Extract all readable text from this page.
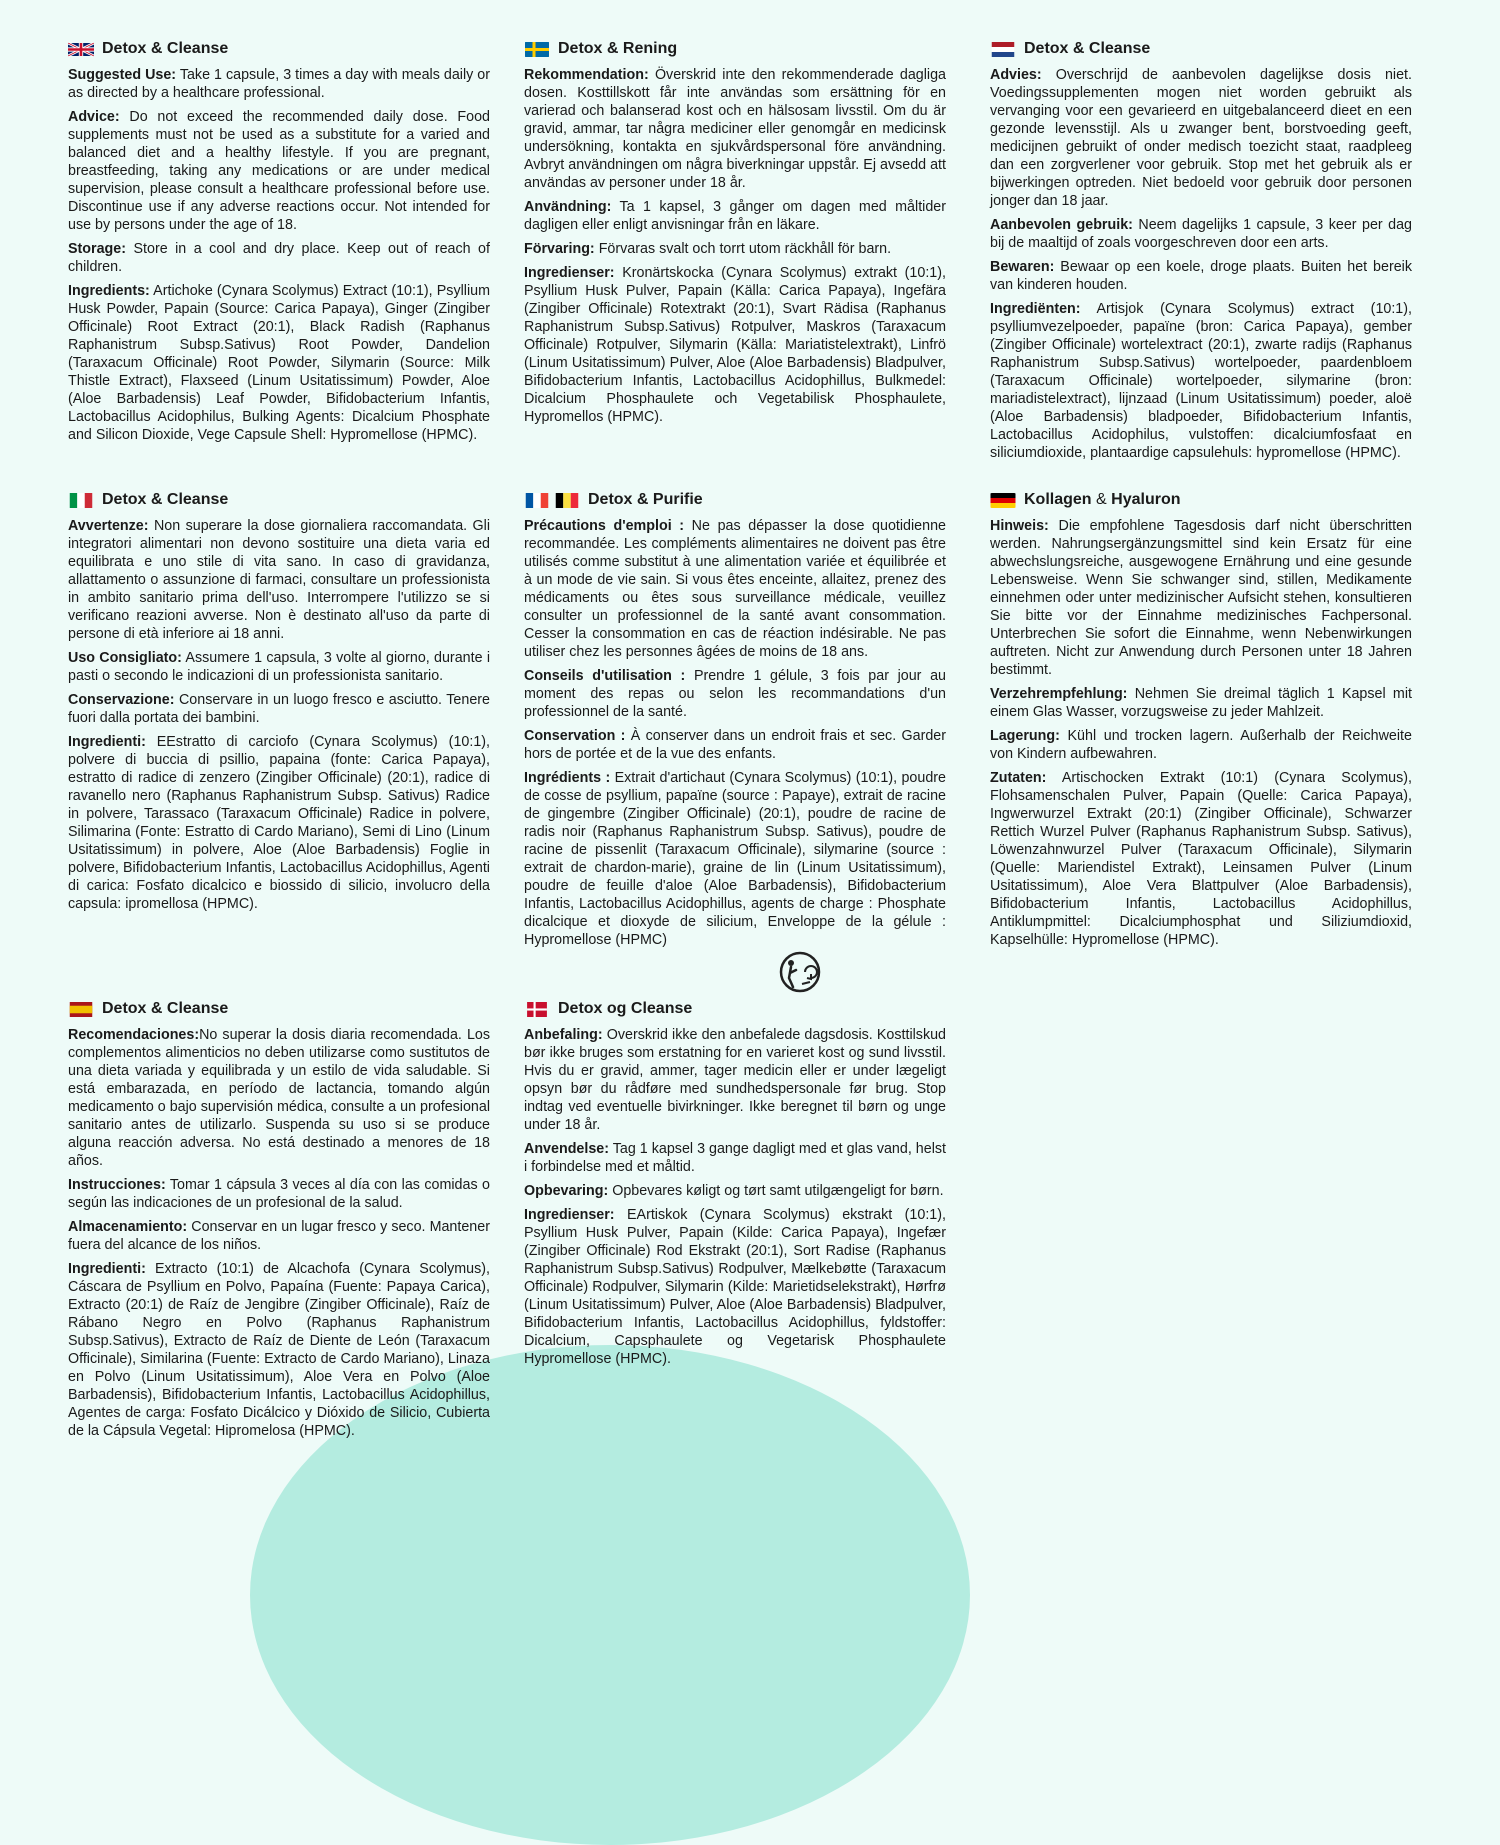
Detox & Cleanse

Suggested Use: Take 1 capsule, 3 times a day with meals daily or as directed by a healthcare professional.

Advice: Do not exceed the recommended daily dose. Food supplements must not be used as a substitute for a varied and balanced diet and a healthy lifestyle. If you are pregnant, breastfeeding, taking any medications or are under medical supervision, please consult a healthcare professional before use. Discontinue use if any adverse reactions occur. Not intended for use by persons under the age of 18.

Storage: Store in a cool and dry place. Keep out of reach of children.

Ingredients: Artichoke (Cynara Scolymus) Extract (10:1), Psyllium Husk Powder, Papain (Source: Carica Papaya), Ginger (Zingiber Officinale) Root Extract (20:1), Black Radish (Raphanus Raphanistrum Subsp.Sativus) Root Powder, Dandelion (Taraxacum Officinale) Root Powder, Silymarin (Source: Milk Thistle Extract), Flaxseed (Linum Usitatissimum) Powder, Aloe (Aloe Barbadensis) Leaf Powder, Bifidobacterium Infantis, Lactobacillus Acidophilus, Bulking Agents: Dicalcium Phosphate and Silicon Dioxide, Vege Capsule Shell: Hypromellose (HPMC).

Detox & Rening

Rekommendation: Överskrid inte den rekommenderade dagliga dosen. Kosttillskott får inte användas som ersättning för en varierad och balanserad kost och en hälsosam livsstil. Om du är gravid, ammar, tar några mediciner eller genomgår en medicinsk undersökning, kontakta en sjukvårdspersonal före användning. Avbryt användningen om några biverkningar uppstår. Ej avsedd att användas av personer under 18 år.

Användning: Ta 1 kapsel, 3 gånger om dagen med måltider dagligen eller enligt anvisningar från en läkare.

Förvaring: Förvaras svalt och torrt utom räckhåll för barn.

Ingredienser: Kronärtskocka (Cynara Scolymus) extrakt (10:1), Psyllium Husk Pulver, Papain (Källa: Carica Papaya), Ingefära (Zingiber Officinale) Rotextrakt (20:1), Svart Rädisa (Raphanus Raphanistrum Subsp.Sativus) Rotpulver, Maskros (Taraxacum Officinale) Rotpulver, Silymarin (Källa: Mariatistelextrakt), Linfrö (Linum Usitatissimum) Pulver, Aloe (Aloe Barbadensis) Bladpulver, Bifidobacterium Infantis, Lactobacillus Acidophillus, Bulkmedel: Dicalcium Phosphaulete och Vegetabilisk Phosphaulete, Hypromellos (HPMC).

Detox & Cleanse

Advies: Overschrijd de aanbevolen dagelijkse dosis niet. Voedingssupplementen mogen niet worden gebruikt als vervanging voor een gevarieerd en uitgebalanceerd dieet en een gezonde levensstijl. Als u zwanger bent, borstvoeding geeft, medicijnen gebruikt of onder medisch toezicht staat, raadpleeg dan een zorgverlener voor gebruik. Stop met het gebruik als er bijwerkingen optreden. Niet bedoeld voor gebruik door personen jonger dan 18 jaar.

Aanbevolen gebruik: Neem dagelijks 1 capsule, 3 keer per dag bij de maaltijd of zoals voorgeschreven door een arts.

Bewaren: Bewaar op een koele, droge plaats. Buiten het bereik van kinderen houden.

Ingrediënten: Artisjok (Cynara Scolymus) extract (10:1), psylliumvezelpoeder, papaïne (bron: Carica Papaya), gember (Zingiber Officinale) wortelextract (20:1), zwarte radijs (Raphanus Raphanistrum Subsp.Sativus) wortelpoeder, paardenbloem (Taraxacum Officinale) wortelpoeder, silymarine (bron: mariadistelextract), lijnzaad (Linum Usitatissimum) poeder, aloë (Aloe Barbadensis) bladpoeder, Bifidobacterium Infantis, Lactobacillus Acidophilus, vulstoffen: dicalciumfosfaat en siliciumdioxide, plantaardige capsulehuls: hypromellose (HPMC).

Detox & Cleanse

Avvertenze: Non superare la dose giornaliera raccomandata. Gli integratori alimentari non devono sostituire una dieta varia ed equilibrata e uno stile di vita sano. In caso di gravidanza, allattamento o assunzione di farmaci, consultare un professionista in ambito sanitario prima dell'uso. Interrompere l'utilizzo se si verificano reazioni avverse. Non è destinato all'uso da parte di persone di età inferiore ai 18 anni.

Uso Consigliato: Assumere 1 capsula, 3 volte al giorno, durante i pasti o secondo le indicazioni di un professionista sanitario.

Conservazione: Conservare in un luogo fresco e asciutto. Tenere fuori dalla portata dei bambini.

Ingredienti: EEstratto di carciofo (Cynara Scolymus) (10:1), polvere di buccia di psillio, papaina (fonte: Carica Papaya), estratto di radice di zenzero (Zingiber Officinale) (20:1), radice di ravanello nero (Raphanus Raphanistrum Subsp. Sativus) Radice in polvere, Tarassaco (Taraxacum Officinale) Radice in polvere, Silimarina (Fonte: Estratto di Cardo Mariano), Semi di Lino (Linum Usitatissimum) in polvere, Aloe (Aloe Barbadensis) Foglie in polvere, Bifidobacterium Infantis, Lactobacillus Acidophillus, Agenti di carica: Fosfato dicalcico e biossido di silicio, involucro della capsula: ipromellosa (HPMC).

Detox & Purifie

Précautions d'emploi : Ne pas dépasser la dose quotidienne recommandée. Les compléments alimentaires ne doivent pas être utilisés comme substitut à une alimentation variée et équilibrée et à un mode de vie sain. Si vous êtes enceinte, allaitez, prenez des médicaments ou êtes sous surveillance médicale, veuillez consulter un professionnel de la santé avant consommation. Cesser la consommation en cas de réaction indésirable. Ne pas utiliser chez les personnes âgées de moins de 18 ans.

Conseils d'utilisation : Prendre 1 gélule, 3 fois par jour au moment des repas ou selon les recommandations d'un professionnel de la santé.

Conservation : À conserver dans un endroit frais et sec. Garder hors de portée et de la vue des enfants.

Ingrédients : Extrait d'artichaut (Cynara Scolymus) (10:1), poudre de cosse de psyllium, papaïne (source : Papaye), extrait de racine de gingembre (Zingiber Officinale) (20:1), poudre de racine de radis noir (Raphanus Raphanistrum Subsp. Sativus), poudre de racine de pissenlit (Taraxacum Officinale), silymarine (source : extrait de chardon-marie), graine de lin (Linum Usitatissimum), poudre de feuille d'aloe (Aloe Barbadensis), Bifidobacterium Infantis, Lactobacillus Acidophillus, agents de charge : Phosphate dicalcique et dioxyde de silicium, Enveloppe de la gélule : Hypromellose (HPMC)

Kollagen & Hyaluron

Hinweis: Die empfohlene Tagesdosis darf nicht überschritten werden. Nahrungsergänzungsmittel sind kein Ersatz für eine abwechslungsreiche, ausgewogene Ernährung und eine gesunde Lebensweise. Wenn Sie schwanger sind, stillen, Medikamente einnehmen oder unter medizinischer Aufsicht stehen, konsultieren Sie bitte vor der Einnahme medizinisches Fachpersonal. Unterbrechen Sie sofort die Einnahme, wenn Nebenwirkungen auftreten. Nicht zur Anwendung durch Personen unter 18 Jahren bestimmt.

Verzehrempfehlung: Nehmen Sie dreimal täglich 1 Kapsel mit einem Glas Wasser, vorzugsweise zu jeder Mahlzeit.

Lagerung: Kühl und trocken lagern. Außerhalb der Reichweite von Kindern aufbewahren.

Zutaten: Artischocken Extrakt (10:1) (Cynara Scolymus), Flohsamenschalen Pulver, Papain (Quelle: Carica Papaya), Ingwerwurzel Extrakt (20:1) (Zingiber Officinale), Schwarzer Rettich Wurzel Pulver (Raphanus Raphanistrum Subsp. Sativus), Löwenzahnwurzel Pulver (Taraxacum Officinale), Silymarin (Quelle: Mariendistel Extrakt), Leinsamen Pulver (Linum Usitatissimum), Aloe Vera Blattpulver (Aloe Barbadensis), Bifidobacterium Infantis, Lactobacillus Acidophillus, Antiklumpmittel: Dicalciumphosphat und Siliziumdioxid, Kapselhülle: Hypromellose (HPMC).

Detox & Cleanse

Recomendaciones:No superar la dosis diaria recomendada. Los complementos alimenticios no deben utilizarse como sustitutos de una dieta variada y equilibrada y un estilo de vida saludable. Si está embarazada, en período de lactancia, tomando algún medicamento o bajo supervisión médica, consulte a un profesional sanitario antes de utilizarlo. Suspenda su uso si se produce alguna reacción adversa. No está destinado a menores de 18 años.

Instrucciones: Tomar 1 cápsula 3 veces al día con las comidas o según las indicaciones de un profesional de la salud.

Almacenamiento: Conservar en un lugar fresco y seco. Mantener fuera del alcance de los niños.

Ingredienti: Extracto (10:1) de Alcachofa (Cynara Scolymus), Cáscara de Psyllium en Polvo, Papaína (Fuente: Papaya Carica), Extracto (20:1) de Raíz de Jengibre (Zingiber Officinale), Raíz de Rábano Negro en Polvo (Raphanus Raphanistrum Subsp.Sativus), Extracto de Raíz de Diente de León (Taraxacum Officinale), Similarina (Fuente: Extracto de Cardo Mariano), Linaza en Polvo (Linum Usitatissimum), Aloe Vera en Polvo (Aloe Barbadensis), Bifidobacterium Infantis, Lactobacillus Acidophillus, Agentes de carga: Fosfato Dicálcico y Dióxido de Silicio, Cubierta de la Cápsula Vegetal: Hipromelosa (HPMC).

Detox og Cleanse

Anbefaling: Overskrid ikke den anbefalede dagsdosis. Kosttilskud bør ikke bruges som erstatning for en varieret kost og sund livsstil. Hvis du er gravid, ammer, tager medicin eller er under lægeligt opsyn bør du rådføre med sundhedspersonale før brug. Stop indtag ved eventuelle bivirkninger. Ikke beregnet til børn og unge under 18 år.

Anvendelse: Tag 1 kapsel 3 gange dagligt med et glas vand, helst i forbindelse med et måltid.

Opbevaring: Opbevares køligt og tørt samt utilgængeligt for børn.

Ingredienser: EArtiskok (Cynara Scolymus) ekstrakt (10:1), Psyllium Husk Pulver, Papain (Kilde: Carica Papaya), Ingefær (Zingiber Officinale) Rod Ekstrakt (20:1), Sort Radise (Raphanus Raphanistrum Subsp.Sativus) Rodpulver, Mælkebøtte (Taraxacum Officinale) Rodpulver, Silymarin (Kilde: Marietidselekstrakt), Hørfrø (Linum Usitatissimum) Pulver, Aloe (Aloe Barbadensis) Bladpulver, Bifidobacterium Infantis, Lactobacillus Acidophillus, fyldstoffer: Dicalcium, Capsphaulete og Vegetarisk Phosphaulete Hypromellose (HPMC).
